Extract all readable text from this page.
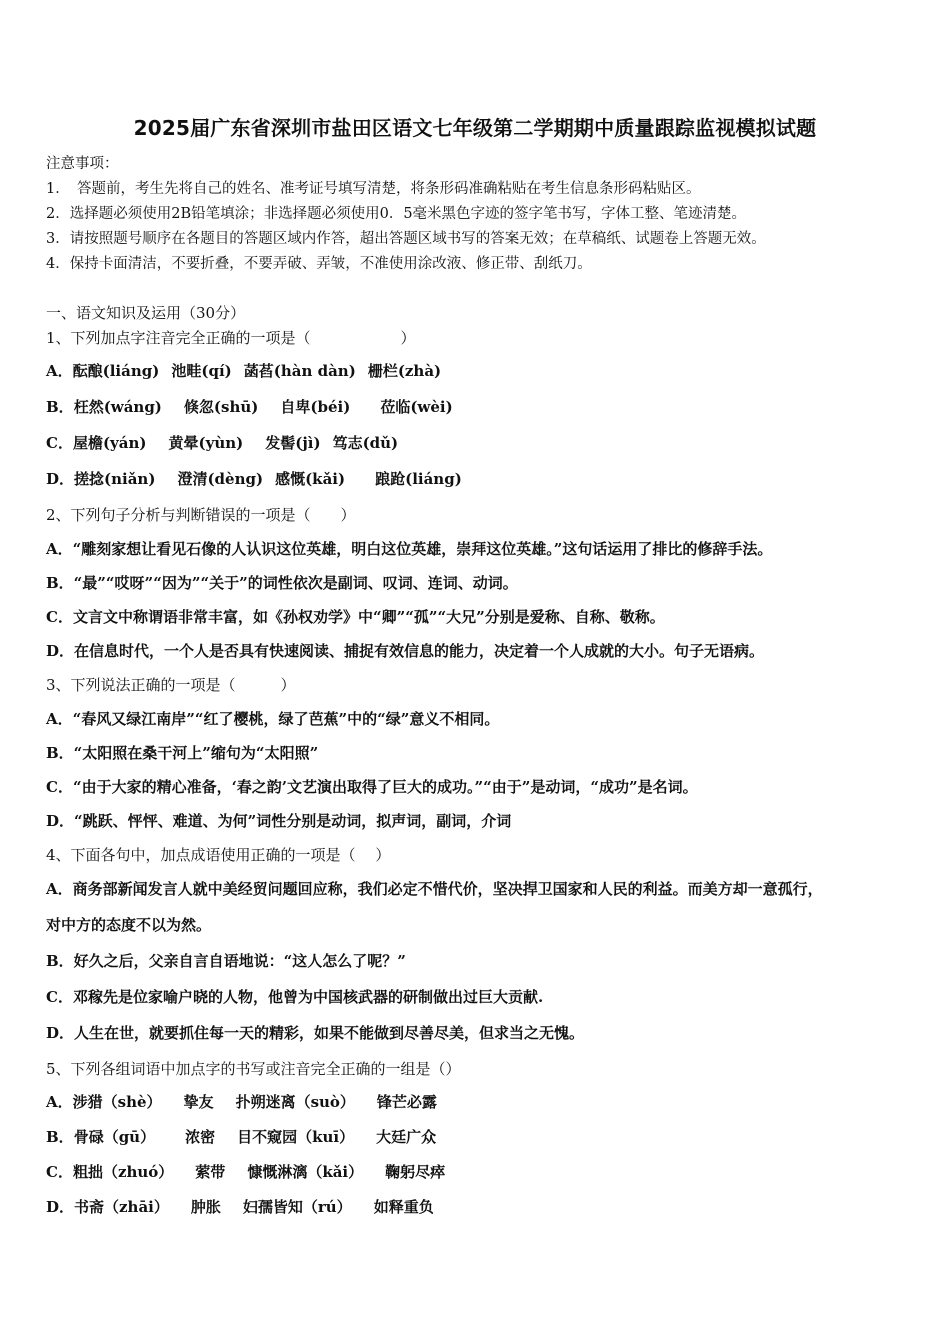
2025届广东省深圳市盐田区语文七年级第二学期期中质量跟踪监视模拟试题
注意事项：
1．　答题前，考生先将自己的姓名、准考证号填写清楚，将条形码准确粘贴在考生信息条形码粘贴区。
2．选择题必须使用2B铅笔填涂；非选择题必须使用0．5毫米黑色字迹的签字笔书写，字体工整、笔迹清楚。
3．请按照题号顺序在各题目的答题区域内作答，超出答题区域书写的答案无效；在草稿纸、试题卷上答题无效。
4．保持卡面清洁，不要折叠，不要弄破、弄皱，不准使用涂改液、修正带、刮纸刀。
一、语文知识及运用（30分）
1、下列加点字注音完全正确的一项是（　　　　　　）
A．酝酿(liáng) 池畦(qí) 菡萏(hàn dàn) 栅栏(zhà)
B．枉然(wáng) 倏忽(shū) 自卑(béi) 莅临(wèi)
C．屋檐(yán) 黄晕(yùn) 发髻(jì) 笃志(dǔ)
D．搓捻(niǎn) 澄清(dèng) 感慨(kǎi) 踉跄(liáng)
2、下列句子分析与判断错误的一项是（　　）
A．“雕刻家想让看见石像的人认识这位英雄，明白这位英雄，崇拜这位英雄。”这句话运用了排比的修辞手法。
B．“最”“哎呀”“因为”“关于”的词性依次是副词、叹词、连词、动词。
C．文言文中称谓语非常丰富，如《孙权劝学》中“卿”“孤”“大兄”分别是爱称、自称、敬称。
D．在信息时代，一个人是否具有快速阅读、捕捉有效信息的能力，决定着一个人成就的大小。句子无语病。
3、下列说法正确的一项是（　　　）
A．“春风又绿江南岸”“红了樱桃，绿了芭蕉”中的“绿”意义不相同。
B．“太阳照在桑干河上”缩句为“太阳照”
C．“由于大家的精心准备，‘春之韵’文艺演出取得了巨大的成功。”“由于”是动词，“成功”是名词。
D．“跳跃、怦怦、难道、为何”词性分别是动词，拟声词，副词，介词
4、下面各句中，加点成语使用正确的一项是（　 ）
A．商务部新闻发言人就中美经贸问题回应称，我们必定不惜代价，坚决捍卫国家和人民的利益。而美方却一意孤行，
对中方的态度不以为然。
B．好久之后，父亲自言自语地说：“这人怎么了呢？”
C．邓稼先是位家喻户晓的人物，他曾为中国核武器的研制做出过巨大贡献.
D．人生在世，就要抓住每一天的精彩，如果不能做到尽善尽美，但求当之无愧。
5、下列各组词语中加点字的书写或注音完全正确的一组是（）
A．涉猎（shè） 挚友 扑朔迷离（suò） 锋芒必露
B．骨碌（gū） 浓密 目不窥园（kuī） 大廷广众
C．粗拙（zhuó） 萦带 慷慨淋漓（kǎi） 鞠躬尽瘁
D．书斋（zhāi） 肿胀 妇孺皆知（rú） 如释重负
